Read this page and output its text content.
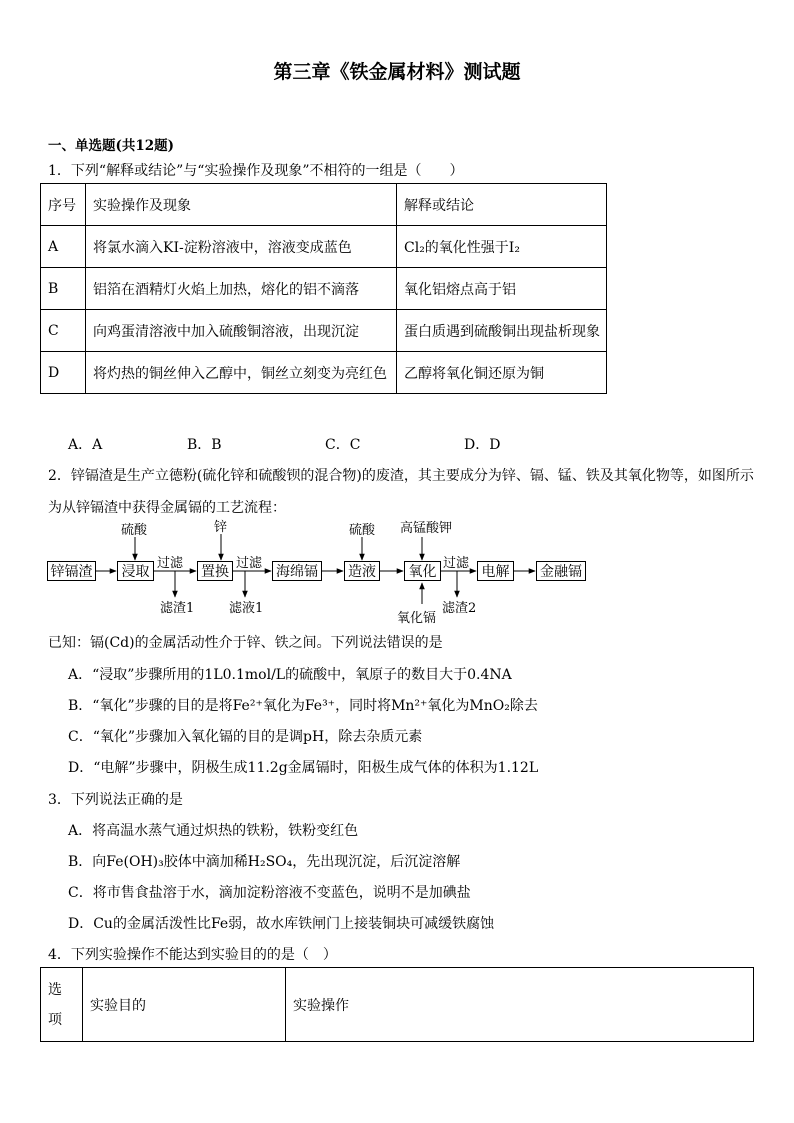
第三章《铁金属材料》测试题
一、单选题(共12题)
1．下列“解释或结论”与“实验操作及现象”不相符的一组是（　　）
序号	实验操作及现象	解释或结论
A	将氯水滴入KI-淀粉溶液中，溶液变成蓝色	Cl₂的氧化性强于I₂
B	铝箔在酒精灯火焰上加热，熔化的铝不滴落	氧化铝熔点高于铝
C	向鸡蛋清溶液中加入硫酸铜溶液，出现沉淀	蛋白质遇到硫酸铜出现盐析现象
D	将灼热的铜丝伸入乙醇中，铜丝立刻变为亮红色	乙醇将氧化铜还原为铜
A．A	B．B	C．C	D．D
2．锌镉渣是生产立德粉(硫化锌和硫酸钡的混合物)的废渣，其主要成分为锌、镉、锰、铁及其氧化物等，如图所示
为从锌镉渣中获得金属镉的工艺流程：
锌镉渣	浸取	置换	海绵镉 造液	氧化	电解	金融镉
硫酸	锌	硫酸 高锰酸钾
氧化镉
过滤	过滤	过滤
滤渣1	滤液1	滤渣2
已知：镉(Cd)的金属活动性介于锌、铁之间。下列说法错误的是
A．“浸取”步骤所用的1L0.1mol/L的硫酸中，氧原子的数目大于0.4NA
B．“氧化”步骤的目的是将Fe²⁺氧化为Fe³⁺，同时将Mn²⁺氧化为MnO₂除去
C．“氧化”步骤加入氧化镉的目的是调pH，除去杂质元素
D．“电解”步骤中，阴极生成11.2g金属镉时，阳极生成气体的体积为1.12L
3．下列说法正确的是
A．将高温水蒸气通过炽热的铁粉，铁粉变红色
B．向Fe(OH)₃胶体中滴加稀H₂SO₄，先出现沉淀，后沉淀溶解
C．将市售食盐溶于水，滴加淀粉溶液不变蓝色，说明不是加碘盐
D．Cu的金属活泼性比Fe弱，故水库铁闸门上接装铜块可减缓铁腐蚀
4．下列实验操作不能达到实验目的的是（　）
选项	实验目的	实验操作
